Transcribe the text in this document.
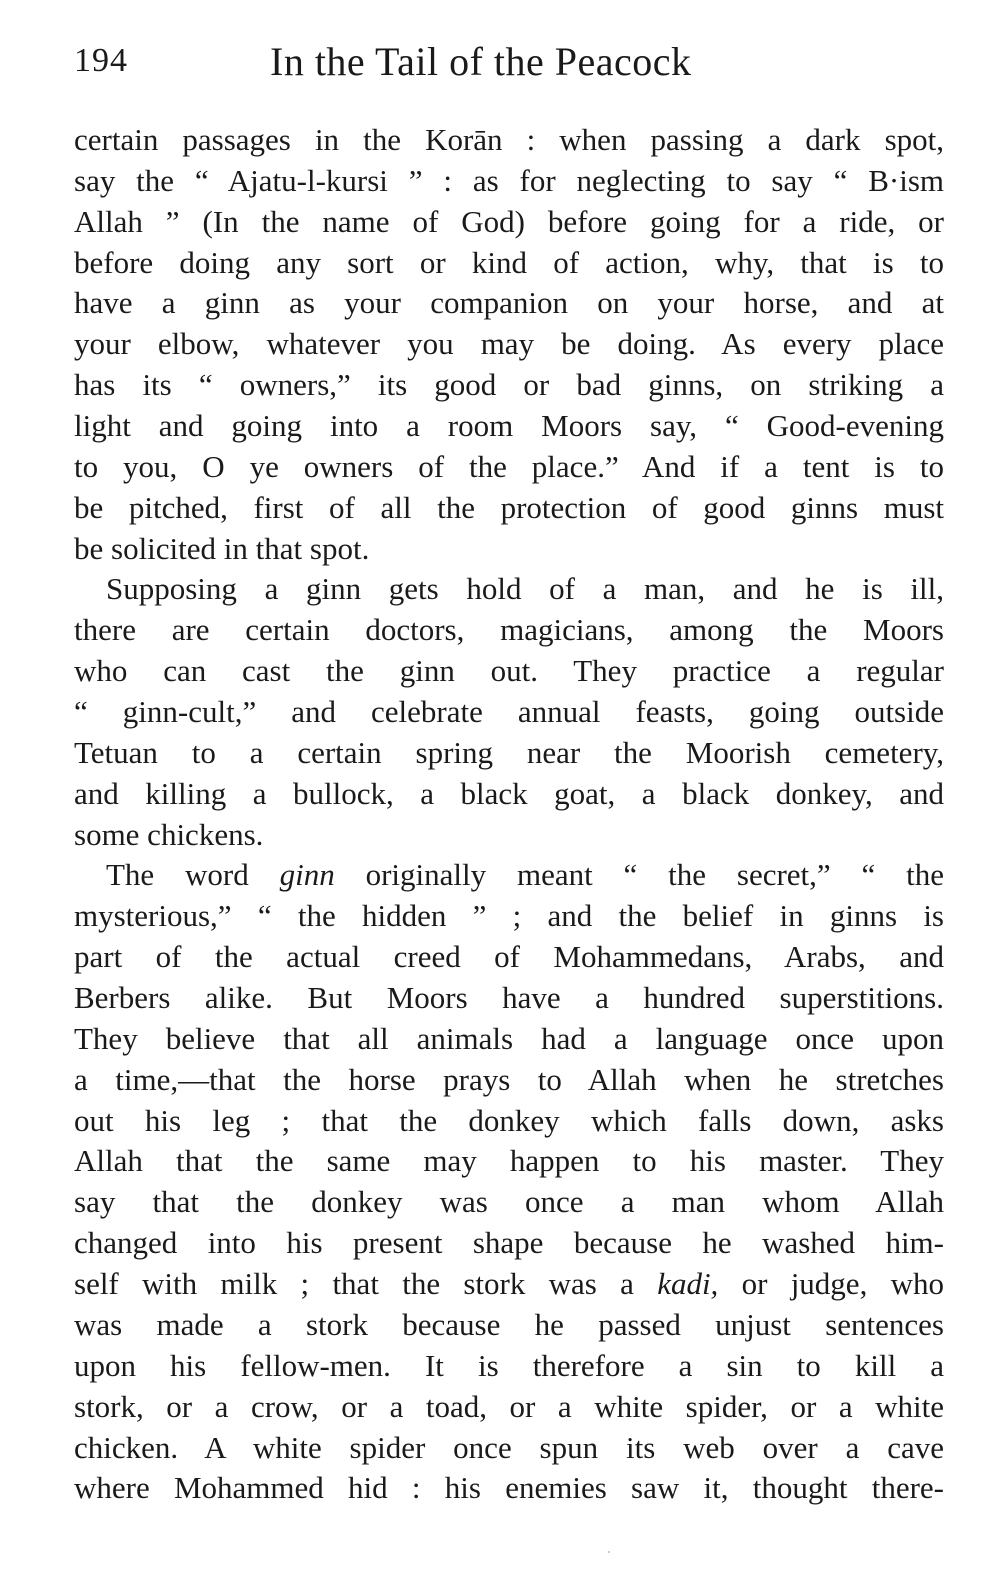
194	In the Tail of the Peacock
certain passages in the Korān : when passing a dark spot,
say the “ Ajatu-l-kursi ” : as for neglecting to say “ B·ism
Allah ” (In the name of God) before going for a ride, or
before doing any sort or kind of action, why, that is to
have a ginn as your companion on your horse, and at
your elbow, whatever you may be doing. As every place
has its “ owners,” its good or bad ginns, on striking a
light and going into a room Moors say, “ Good-evening
to you, O ye owners of the place.” And if a tent is to
be pitched, first of all the protection of good ginns must
be solicited in that spot.
Supposing a ginn gets hold of a man, and he is ill,
there are certain doctors, magicians, among the Moors
who can cast the ginn out. They practice a regular
“ ginn-cult,” and celebrate annual feasts, going outside
Tetuan to a certain spring near the Moorish cemetery,
and killing a bullock, a black goat, a black donkey, and
some chickens.
The word ginn originally meant “ the secret,” “ the
mysterious,” “ the hidden ” ; and the belief in ginns is
part of the actual creed of Mohammedans, Arabs, and
Berbers alike. But Moors have a hundred superstitions.
They believe that all animals had a language once upon
a time,—that the horse prays to Allah when he stretches
out his leg ; that the donkey which falls down, asks
Allah that the same may happen to his master. They
say that the donkey was once a man whom Allah
changed into his present shape because he washed him-
self with milk ; that the stork was a kadi, or judge, who
was made a stork because he passed unjust sentences
upon his fellow-men. It is therefore a sin to kill a
stork, or a crow, or a toad, or a white spider, or a white
chicken. A white spider once spun its web over a cave
where Mohammed hid : his enemies saw it, thought there-
